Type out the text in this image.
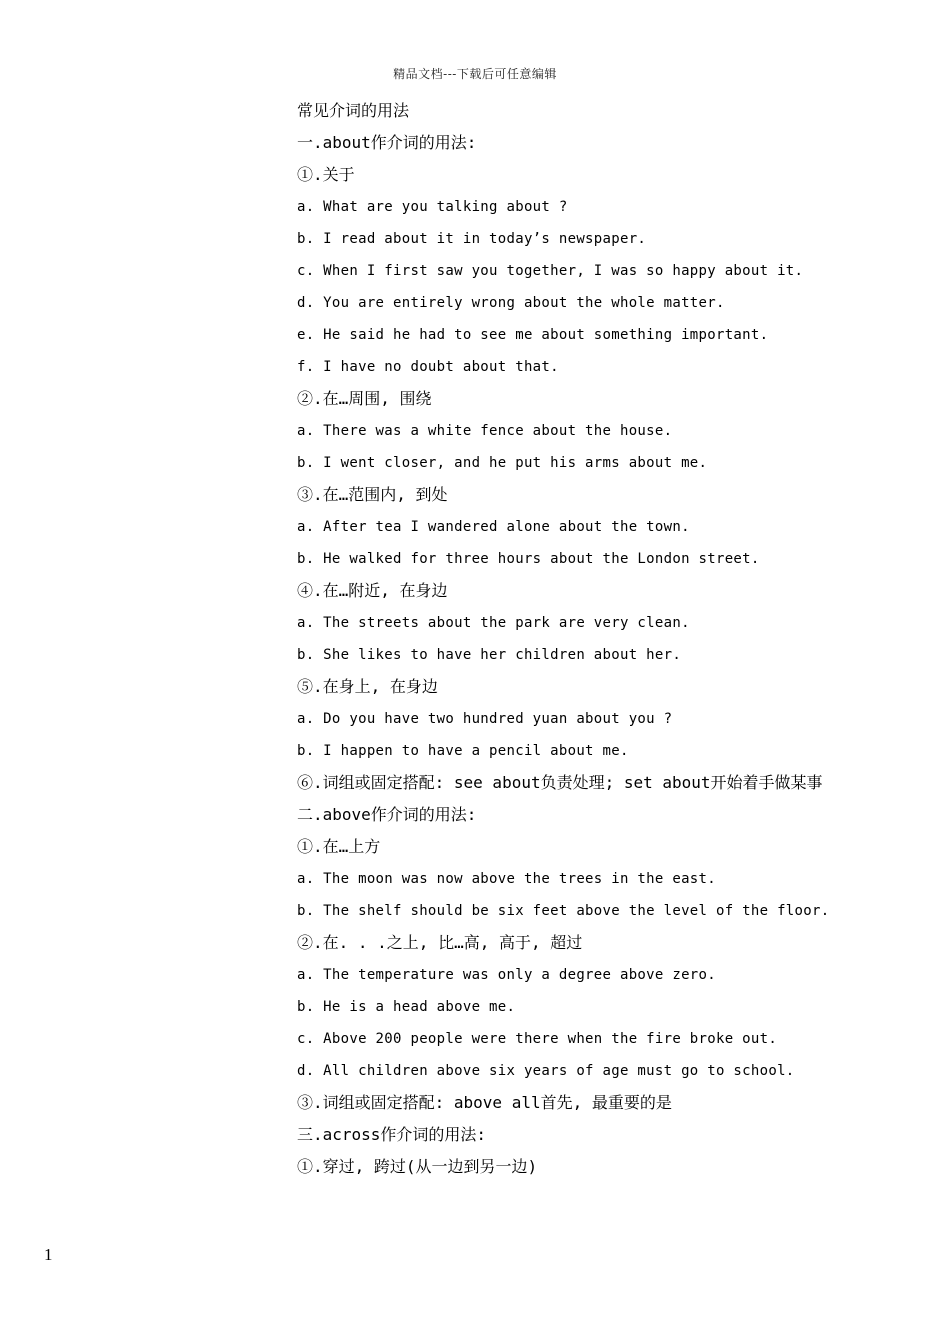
精品文档---下载后可任意编辑
常见介词的用法
一.about作介词的用法:
①.关于
a. What are you talking about ?
b. I read about it in today’s newspaper.
c. When I first saw you together, I was so happy about it.
d. You are entirely wrong about the whole matter.
e. He said he had to see me about something important.
f. I have no doubt about that.
②.在…周围, 围绕
a. There was a white fence about the house.
b. I went closer, and he put his arms about me.
③.在…范围内, 到处
a. After tea I wandered alone about the town.
b. He walked for three hours about the London street.
④.在…附近, 在身边
a. The streets about the park are very clean.
b. She likes to have her children about her.
⑤.在身上, 在身边
a. Do you have two hundred yuan about you ?
b. I happen to have a pencil about me.
⑥.词组或固定搭配: see about负责处理; set about开始着手做某事
二.above作介词的用法:
①.在…上方
a. The moon was now above the trees in the east.
b. The shelf should be six feet above the level of the floor.
②.在. . .之上, 比…高, 高于, 超过
a. The temperature was only a degree above zero.
b. He is a head above me.
c. Above 200 people were there when the fire broke out.
d. All children above six years of age must go to school.
③.词组或固定搭配: above all首先, 最重要的是
三.across作介词的用法:
①.穿过, 跨过(从一边到另一边)
1
